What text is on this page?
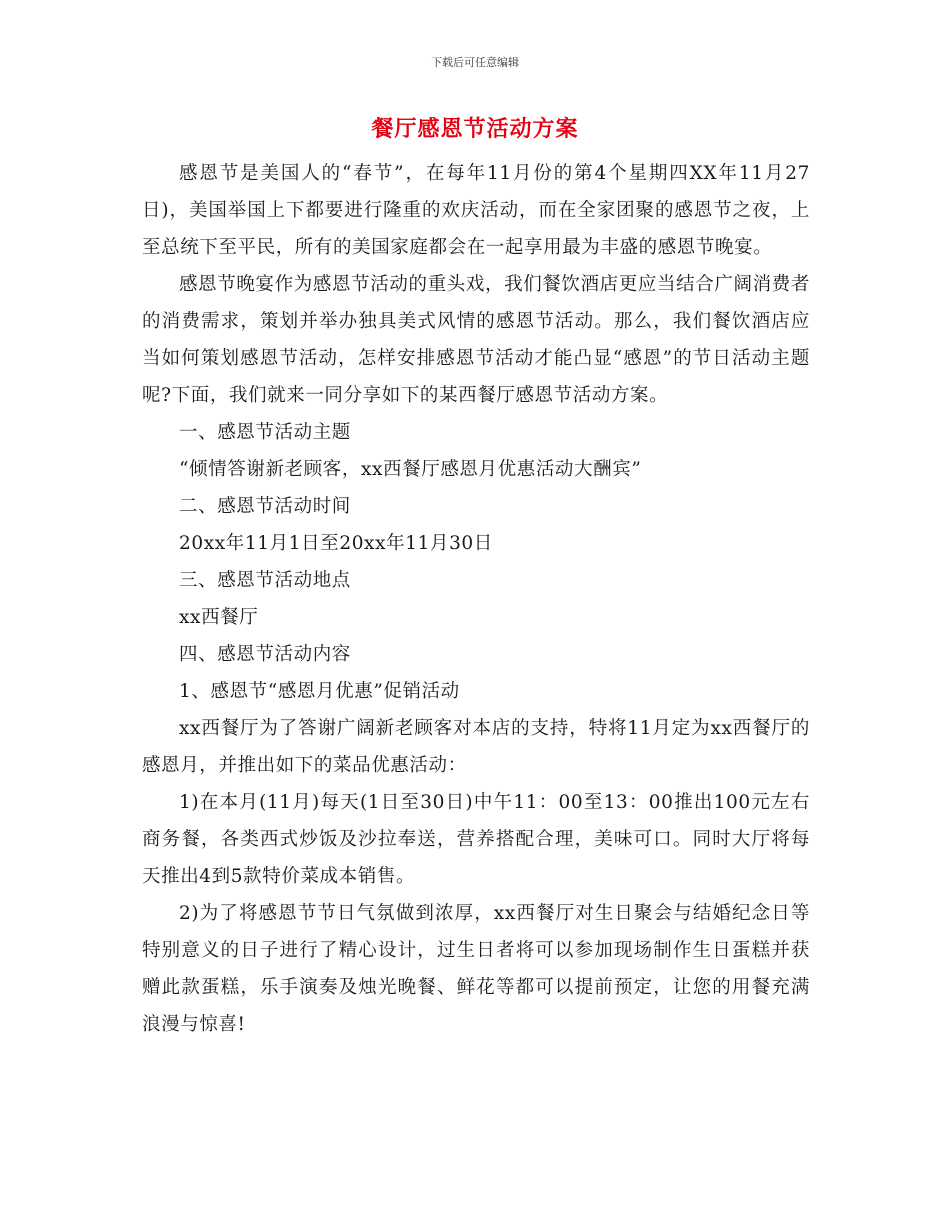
下载后可任意编辑
餐厅感恩节活动方案

感恩节是美国人的“春节”，在每年11月份的第4个星期四XX年11月27日)，美国举国上下都要进行隆重的欢庆活动，而在全家团聚的感恩节之夜，上至总统下至平民，所有的美国家庭都会在一起享用最为丰盛的感恩节晚宴。

感恩节晚宴作为感恩节活动的重头戏，我们餐饮酒店更应当结合广阔消费者的消费需求，策划并举办独具美式风情的感恩节活动。那么，我们餐饮酒店应当如何策划感恩节活动，怎样安排感恩节活动才能凸显“感恩”的节日活动主题呢?下面，我们就来一同分享如下的某西餐厅感恩节活动方案。

一、感恩节活动主题

“倾情答谢新老顾客，xx西餐厅感恩月优惠活动大酬宾”

二、感恩节活动时间

20xx年11月1日至20xx年11月30日

三、感恩节活动地点

xx西餐厅

四、感恩节活动内容

1、感恩节“感恩月优惠”促销活动

xx西餐厅为了答谢广阔新老顾客对本店的支持，特将11月定为xx西餐厅的感恩月，并推出如下的菜品优惠活动：

1)在本月(11月)每天(1日至30日)中午11：00至13：00推出100元左右商务餐，各类西式炒饭及沙拉奉送，营养搭配合理，美味可口。同时大厅将每天推出4到5款特价菜成本销售。

2)为了将感恩节节日气氛做到浓厚，xx西餐厅对生日聚会与结婚纪念日等特别意义的日子进行了精心设计，过生日者将可以参加现场制作生日蛋糕并获赠此款蛋糕，乐手演奏及烛光晚餐、鲜花等都可以提前预定，让您的用餐充满浪漫与惊喜!
